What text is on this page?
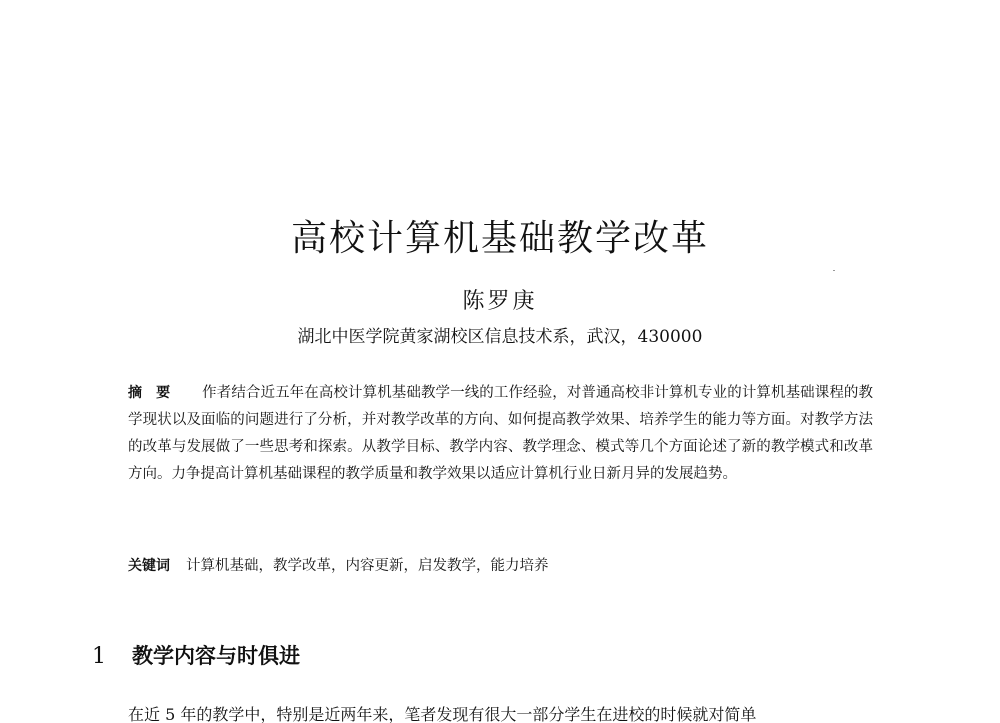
高校计算机基础教学改革
陈罗庚
湖北中医学院黄家湖校区信息技术系，武汉，430000
摘要 作者结合近五年在高校计算机基础教学一线的工作经验，对普通高校非计算机专业的计算机基础课程的教学现状以及面临的问题进行了分析，并对教学改革的方向、如何提高教学效果、培养学生的能力等方面。对教学方法的改革与发展做了一些思考和探索。从教学目标、教学内容、教学理念、模式等几个方面论述了新的教学模式和改革方向。力争提高计算机基础课程的教学质量和教学效果以适应计算机行业日新月异的发展趋势。
关键词 计算机基础，教学改革，内容更新，启发教学，能力培养
1	教学内容与时俱进
在近 5 年的教学中，特别是近两年来，笔者发现有很大一部分学生在进校的时候就对简单
